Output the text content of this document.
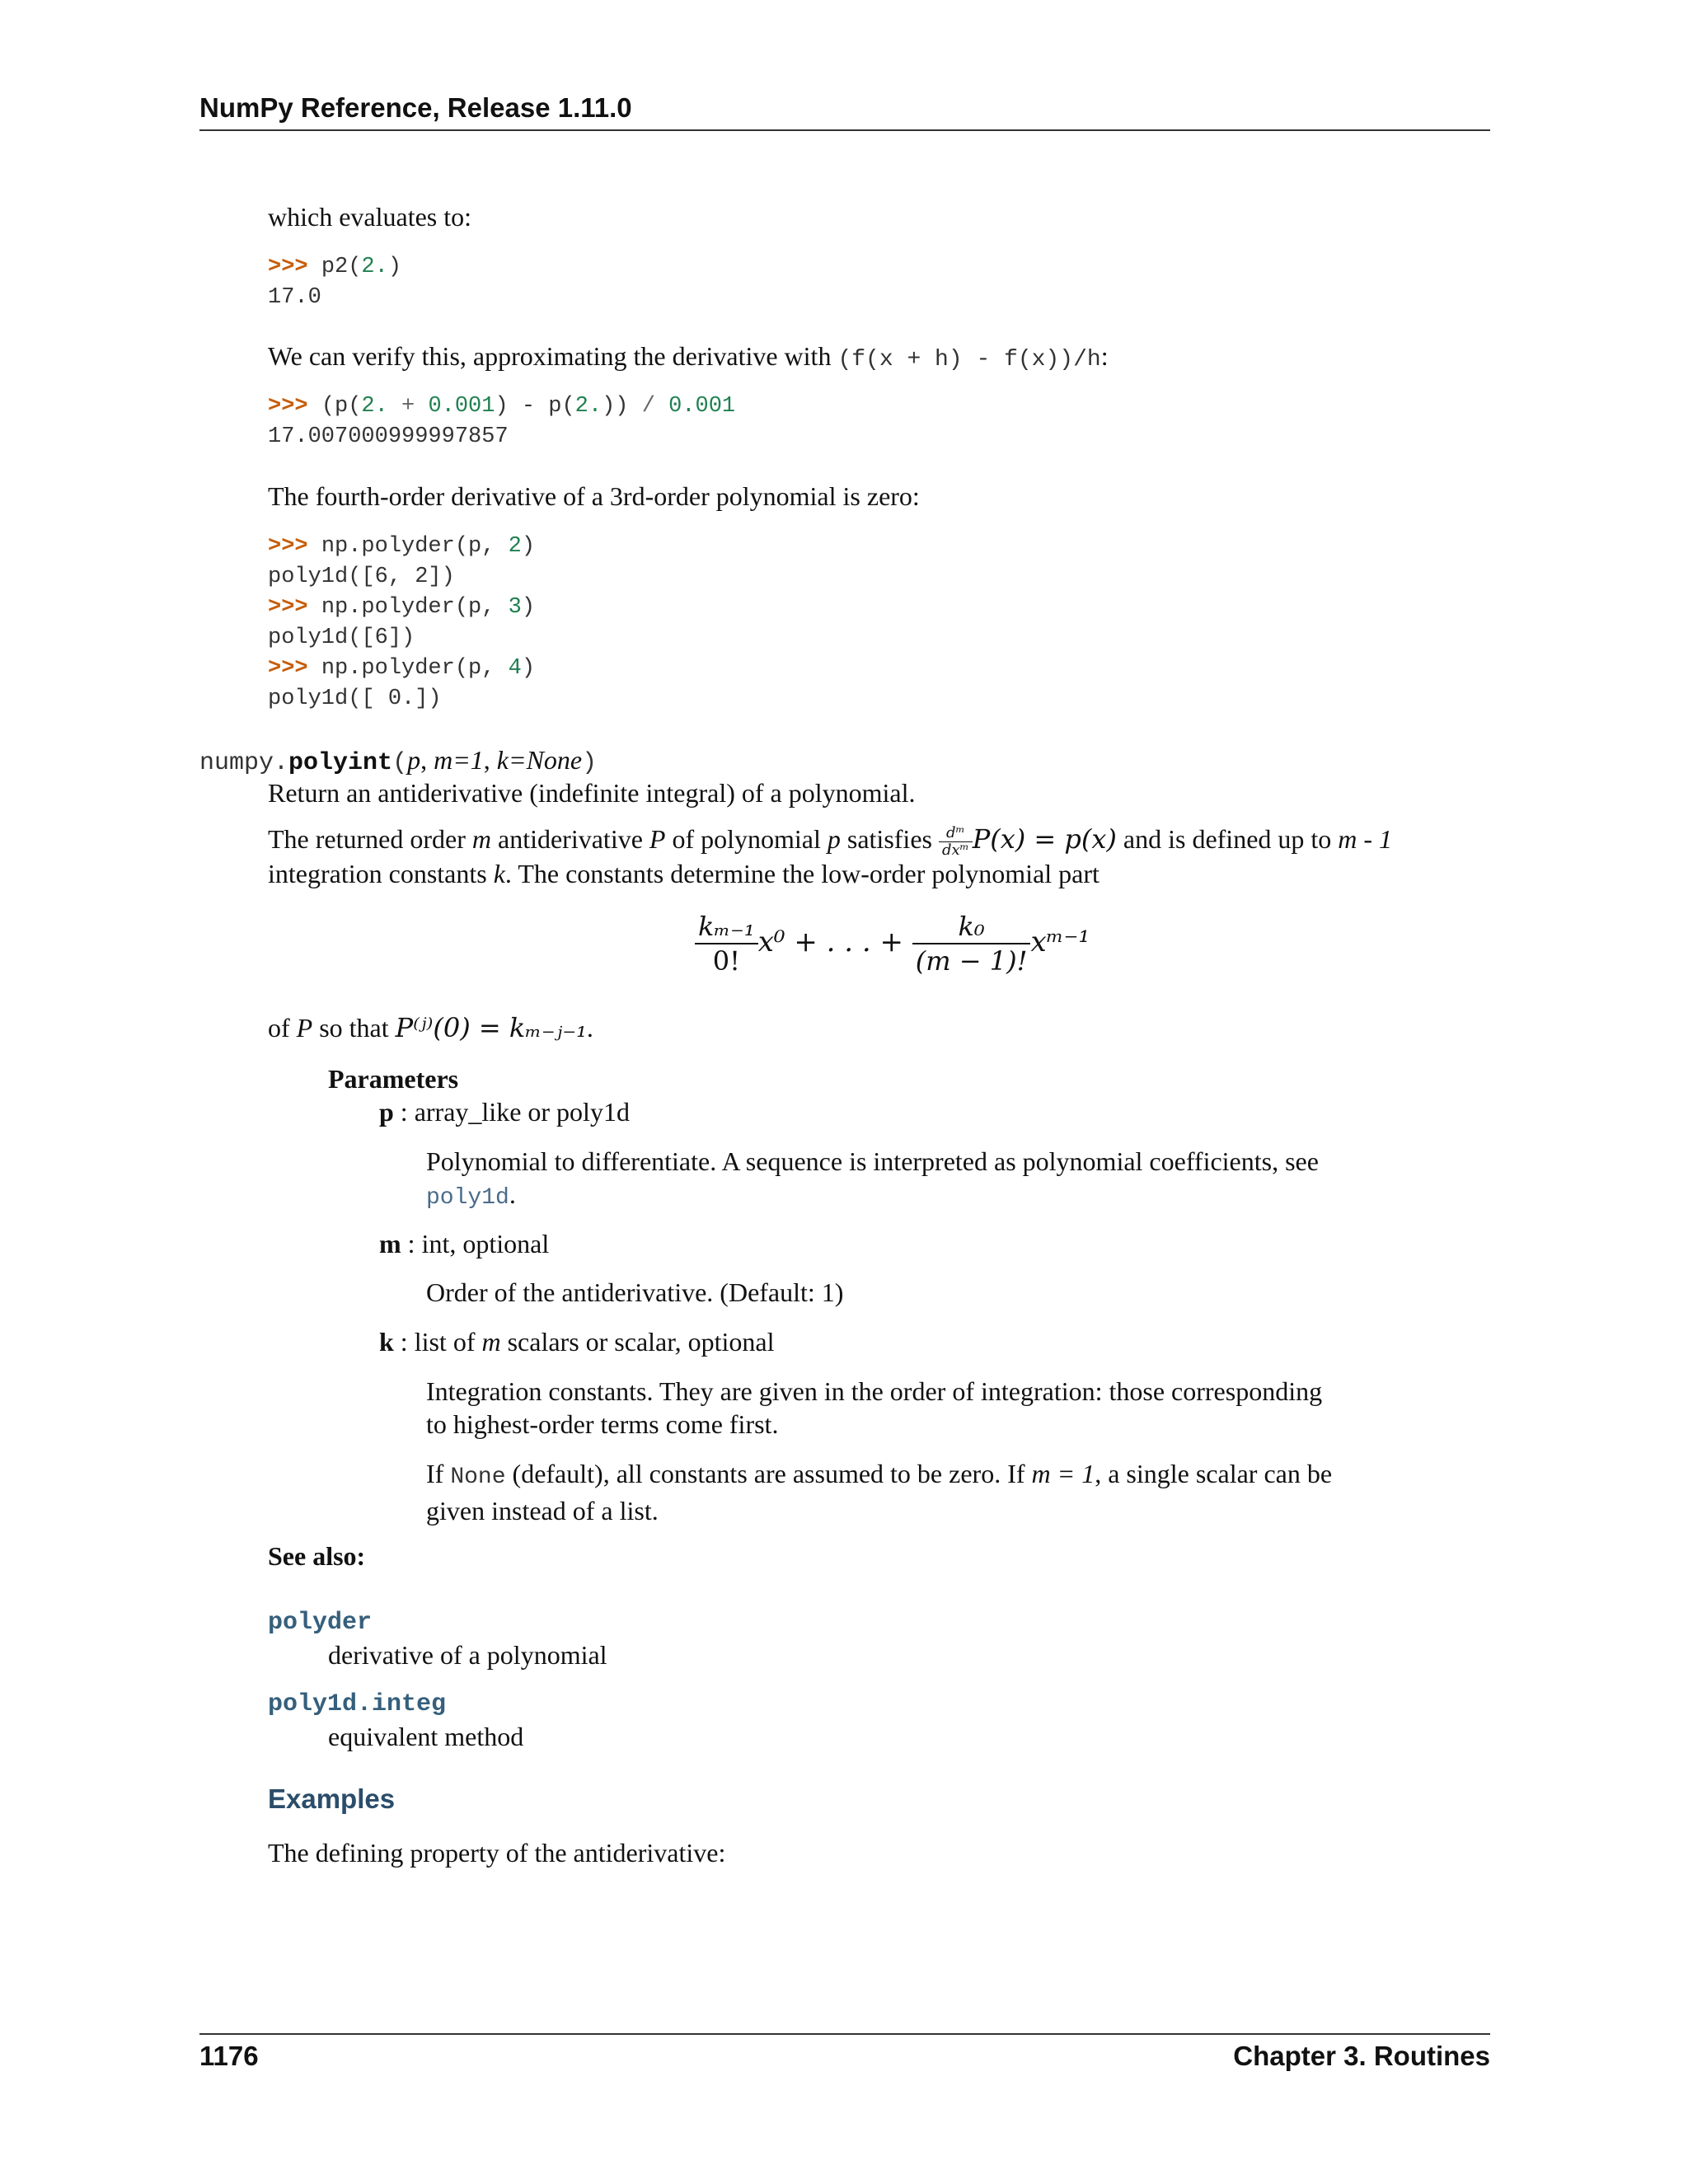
NumPy Reference, Release 1.11.0

which evaluates to:

>>> p2(2.)
17.0

We can verify this, approximating the derivative with (f(x + h) - f(x))/h:

>>> (p(2. + 0.001) - p(2.)) / 0.001
17.007000999997857

The fourth-order derivative of a 3rd-order polynomial is zero:

>>> np.polyder(p, 2)
poly1d([6, 2])
>>> np.polyder(p, 3)
poly1d([6])
>>> np.polyder(p, 4)
poly1d([ 0.])
numpy.polyint(p, m=1, k=None)

Return an antiderivative (indefinite integral) of a polynomial.

The returned order m antiderivative P of polynomial p satisfies $\frac{\text{dᵐ}}{\text{dxᵐ}} P(x) = p(x)$ and is defined up to m - 1

integration constants k. The constants determine the low-order polynomial part

$\frac{\text{kₘ₋₁}}{0!} x^0$ + . . . + $\frac{\text{k₀}}{(m - 1)!}$ xᵐ⁻¹

of P so that P⁽ʲ⁾(0) = kₘ₋ⱼ₋₁.

Parameters

p : array_like or poly1d

Polynomial to differentiate. A sequence is interpreted as polynomial coefficients, see
poly1d.

m : int, optional

Order of the antiderivative. (Default: 1)

k : list of m scalars or scalar, optional

Integration constants. They are given in the order of integration: those corresponding
to highest-order terms come first.

If None (default), all constants are assumed to be zero. If m = 1, a single scalar can be
given instead of a list.

See also:

polyder

derivative of a polynomial

poly1d.integ

equivalent method

Examples

The defining property of the antiderivative:

1176	Chapter 3. Routines
